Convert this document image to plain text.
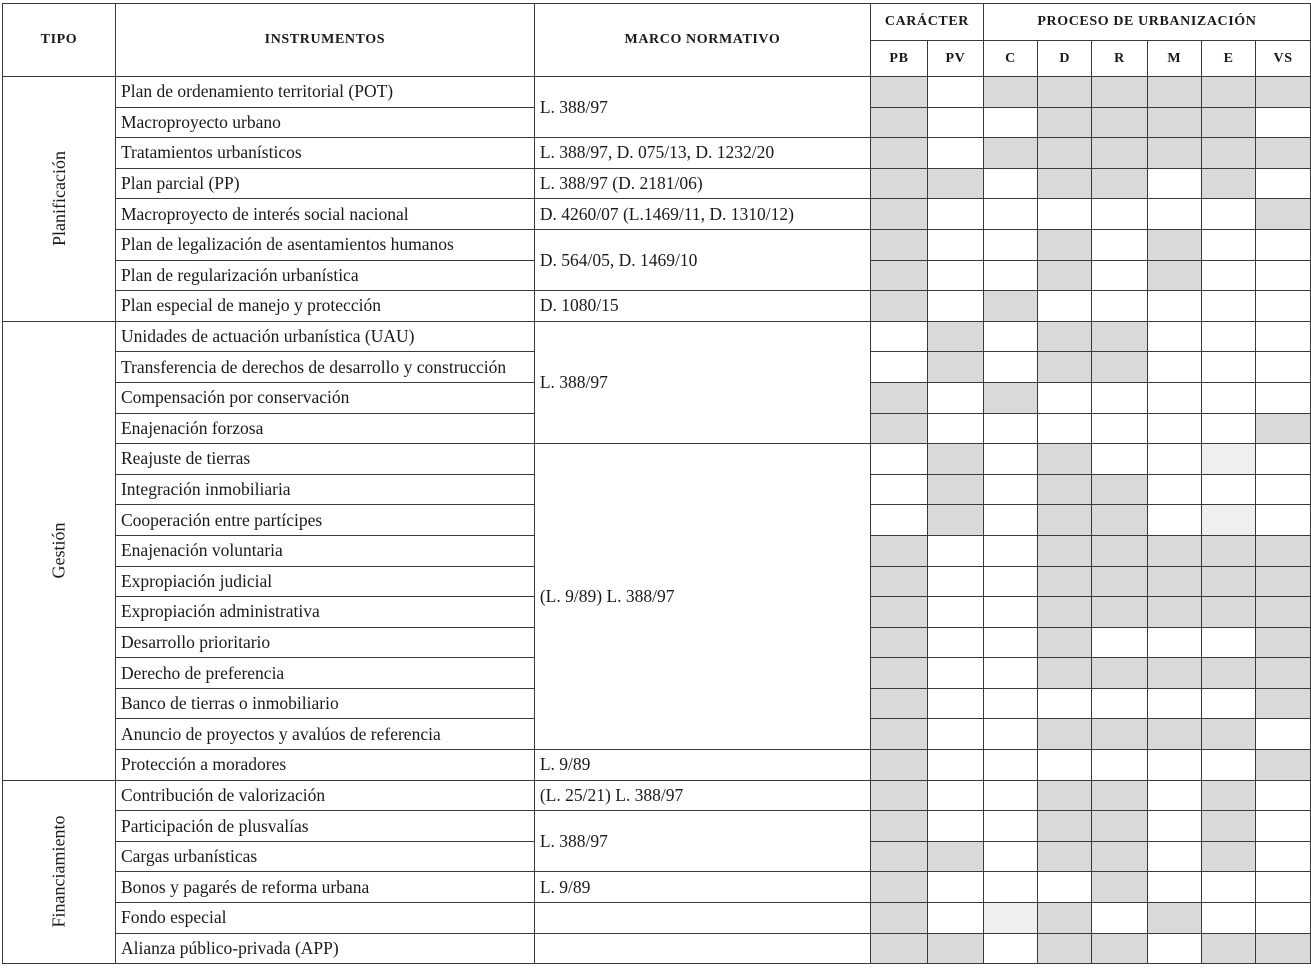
TIPO	INSTRUMENTOS	MARCO NORMATIVO	CARÁCTER		PROCESO DE URBANIZACIÓN					
			PB	PV	C	D	R	M	E	VS
Planificación	Plan de ordenamiento territorial (POT)	L. 388/97								
	Macroproyecto urbano									
	Tratamientos urbanísticos	L. 388/97, D. 075/13, D. 1232/20								
	Plan parcial (PP)	L. 388/97 (D. 2181/06)								
	Macroproyecto de interés social nacional	D. 4260/07 (L.1469/11, D. 1310/12)								
	Plan de legalización de asentamientos humanos	D. 564/05, D. 1469/10								
	Plan de regularización urbanística									
	Plan especial de manejo y protección	D. 1080/15								
Gestión	Unidades de actuación urbanística (UAU)	L. 388/97								
	Transferencia de derechos de desarrollo y construcción									
	Compensación por conservación									
	Enajenación forzosa									
	Reajuste de tierras	(L. 9/89) L. 388/97								
	Integración inmobiliaria									
	Cooperación entre partícipes									
	Enajenación voluntaria									
	Expropiación judicial									
	Expropiación administrativa									
	Desarrollo prioritario									
	Derecho de preferencia									
	Banco de tierras o inmobiliario									
	Anuncio de proyectos y avalúos de referencia									
	Protección a moradores	L. 9/89								
Financiamiento	Contribución de valorización	(L. 25/21) L. 388/97								
	Participación de plusvalías	L. 388/97								
	Cargas urbanísticas									
	Bonos y pagarés de reforma urbana	L. 9/89								
	Fondo especial									
	Alianza público-privada (APP)									
